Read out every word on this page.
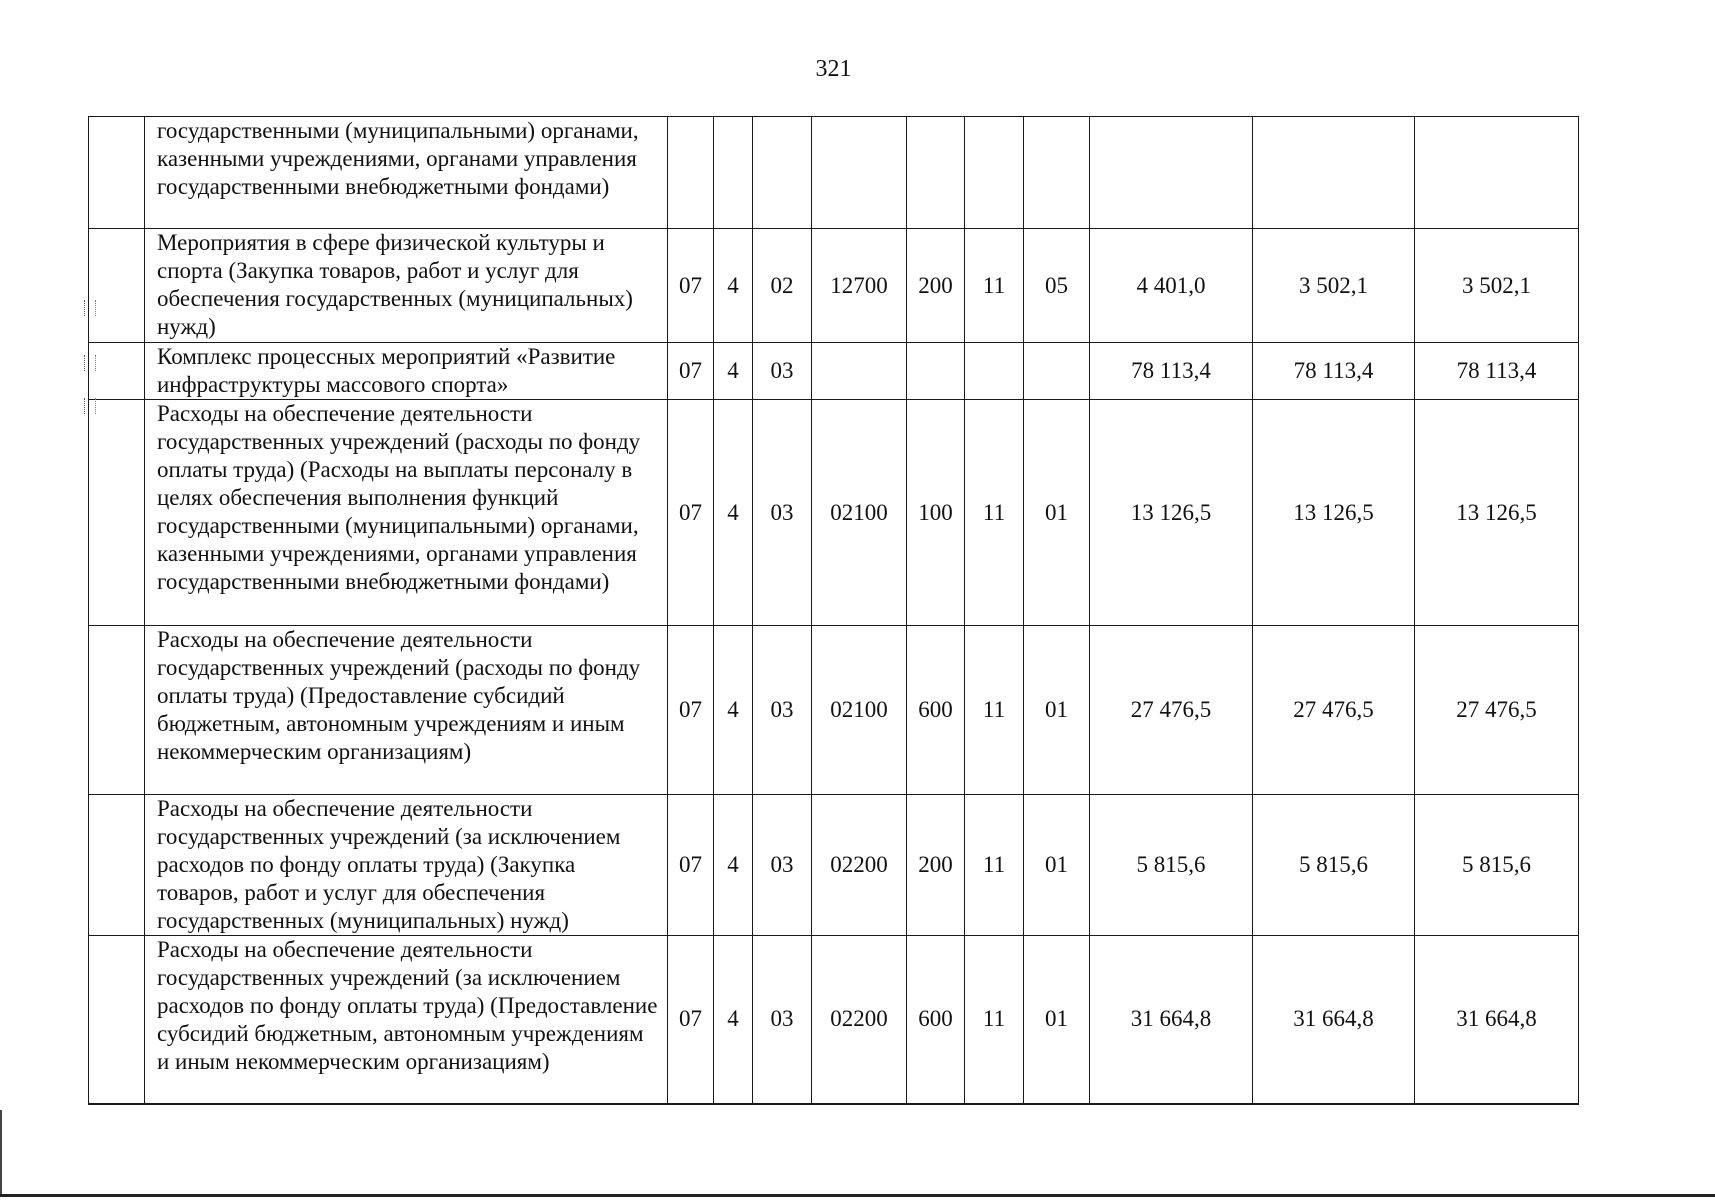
321
	государственными (муниципальными) органами, казенными учреждениями, органами управления государственными внебюджетными фондами)										
	Мероприятия в сфере физической культуры и спорта (Закупка товаров, работ и услуг для обеспечения государственных (муниципальных) нужд)	07	4	02	12700	200	11	05	4 401,0	3 502,1	3 502,1
	Комплекс процессных мероприятий «Развитие инфраструктуры массового спорта»	07	4	03					78 113,4	78 113,4	78 113,4
	Расходы на обеспечение деятельности государственных учреждений (расходы по фонду оплаты труда) (Расходы на выплаты персоналу в целях обеспечения выполнения функций государственными (муниципальными) органами, казенными учреждениями, органами управления государственными внебюджетными фондами)	07	4	03	02100	100	11	01	13 126,5	13 126,5	13 126,5
	Расходы на обеспечение деятельности государственных учреждений (расходы по фонду оплаты труда) (Предоставление субсидий бюджетным, автономным учреждениям и иным некоммерческим организациям)	07	4	03	02100	600	11	01	27 476,5	27 476,5	27 476,5
	Расходы на обеспечение деятельности государственных учреждений (за исключением расходов по фонду оплаты труда) (Закупка товаров, работ и услуг для обеспечения государственных (муниципальных) нужд)	07	4	03	02200	200	11	01	5 815,6	5 815,6	5 815,6
	Расходы на обеспечение деятельности государственных учреждений (за исключением расходов по фонду оплаты труда) (Предоставление субсидий бюджетным, автономным учреждениям и иным некоммерческим организациям)	07	4	03	02200	600	11	01	31 664,8	31 664,8	31 664,8
